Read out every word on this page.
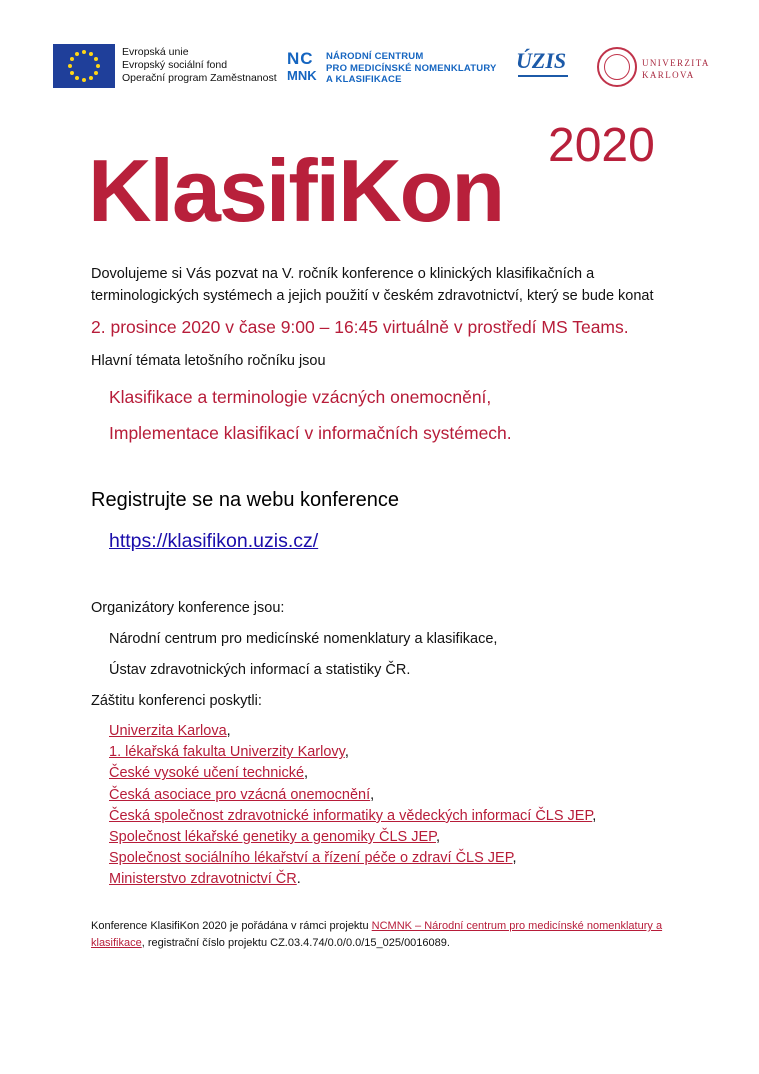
Evropská unie
Evropský sociální fond
Operační program Zaměstnanost
NC
MNK
NÁRODNÍ CENTRUM
PRO MEDICÍNSKÉ NOMENKLATURY
A KLASIFIKACE
ÚZIS	UNIVERZITA
KARLOVA
KlasifiKon 2020
Dovolujeme si Vás pozvat na V. ročník konference o klinických klasifikačních a
terminologických systémech a jejich použití v českém zdravotnictví, který se bude konat
2. prosince 2020 v čase 9:00 – 16:45 virtuálně v prostředí MS Teams.
Hlavní témata letošního ročníku jsou
Klasifikace a terminologie vzácných onemocnění,
Implementace klasifikací v informačních systémech.
Registrujte se na webu konference
https://klasifikon.uzis.cz/
Organizátory konference jsou:
Národní centrum pro medicínské nomenklatury a klasifikace,
Ústav zdravotnických informací a statistiky ČR.
Záštitu konferenci poskytli:
Univerzita Karlova,
1. lékařská fakulta Univerzity Karlovy,
České vysoké učení technické,
Česká asociace pro vzácná onemocnění,
Česká společnost zdravotnické informatiky a vědeckých informací ČLS JEP,
Společnost lékařské genetiky a genomiky ČLS JEP,
Společnost sociálního lékařství a řízení péče o zdraví ČLS JEP,
Ministerstvo zdravotnictví ČR.
Konference KlasifiKon 2020 je pořádána v rámci projektu NCMNK – Národní centrum pro medicínské nomenklatury a klasifikace, registrační číslo projektu CZ.03.4.74/0.0/0.0/15_025/0016089.
